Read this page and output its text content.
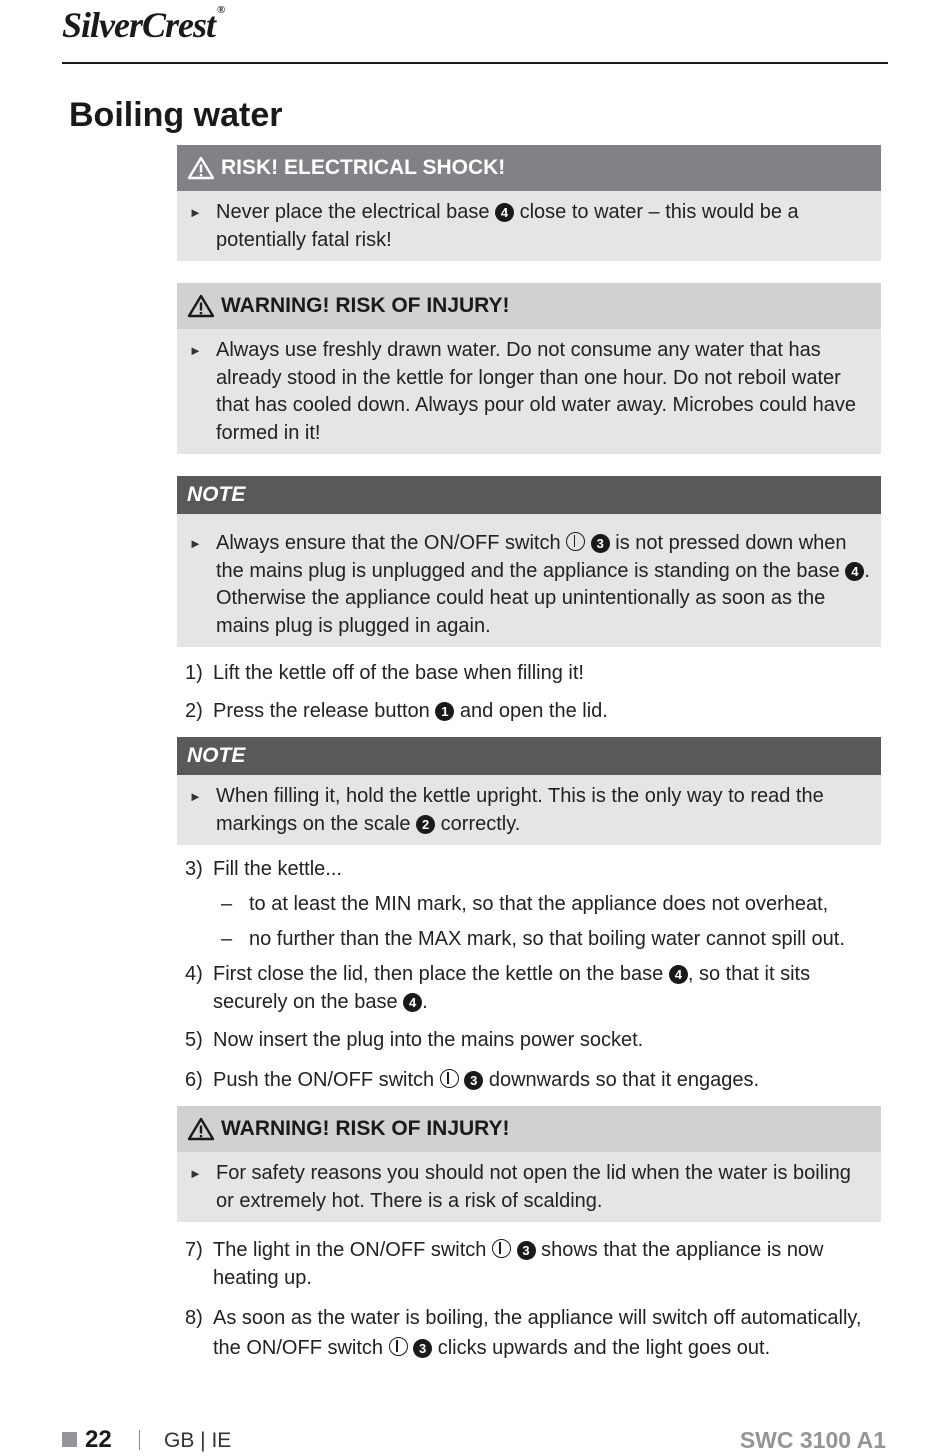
SilverCrest ®
Boiling water
RISK! ELECTRICAL SHOCK!
► Never place the electrical base 4 close to water – this would be a potentially fatal risk!
WARNING! RISK OF INJURY!
► Always use freshly drawn water. Do not consume any water that has already stood in the kettle for longer than one hour. Do not reboil water that has cooled down. Always pour old water away. Microbes could have formed in it!
NOTE
► Always ensure that the ON/OFF switch	3 is not pressed down when the mains plug is unplugged and the appliance is standing on the base 4 . Otherwise the appliance could heat up unintentionally as soon as the mains plug is plugged in again.
1) Lift the kettle off of the base when filling it!
2) Press the release button 1 and open the lid.
NOTE
► When filling it, hold the kettle upright. This is the only way to read the markings on the scale 2 correctly.
3) Fill the kettle...
– to at least the MIN mark, so that the appliance does not overheat,
– no further than the MAX mark, so that boiling water cannot spill out.
4) First close the lid, then place the kettle on the base 4 , so that it sits securely on the base 4 .
5) Now insert the plug into the mains power socket.
6) Push the ON/OFF switch	3 downwards so that it engages.
WARNING! RISK OF INJURY!
► For safety reasons you should not open the lid when the water is boiling or extremely hot. There is a risk of scalding.
7) The light in the ON/OFF switch	3 shows that the appliance is now heating up.
8) As soon as the water is boiling, the appliance will switch off automatically, the ON/OFF switch	3 clicks upwards and the light goes out.
22 GB | IE	SWC 3100 A1
